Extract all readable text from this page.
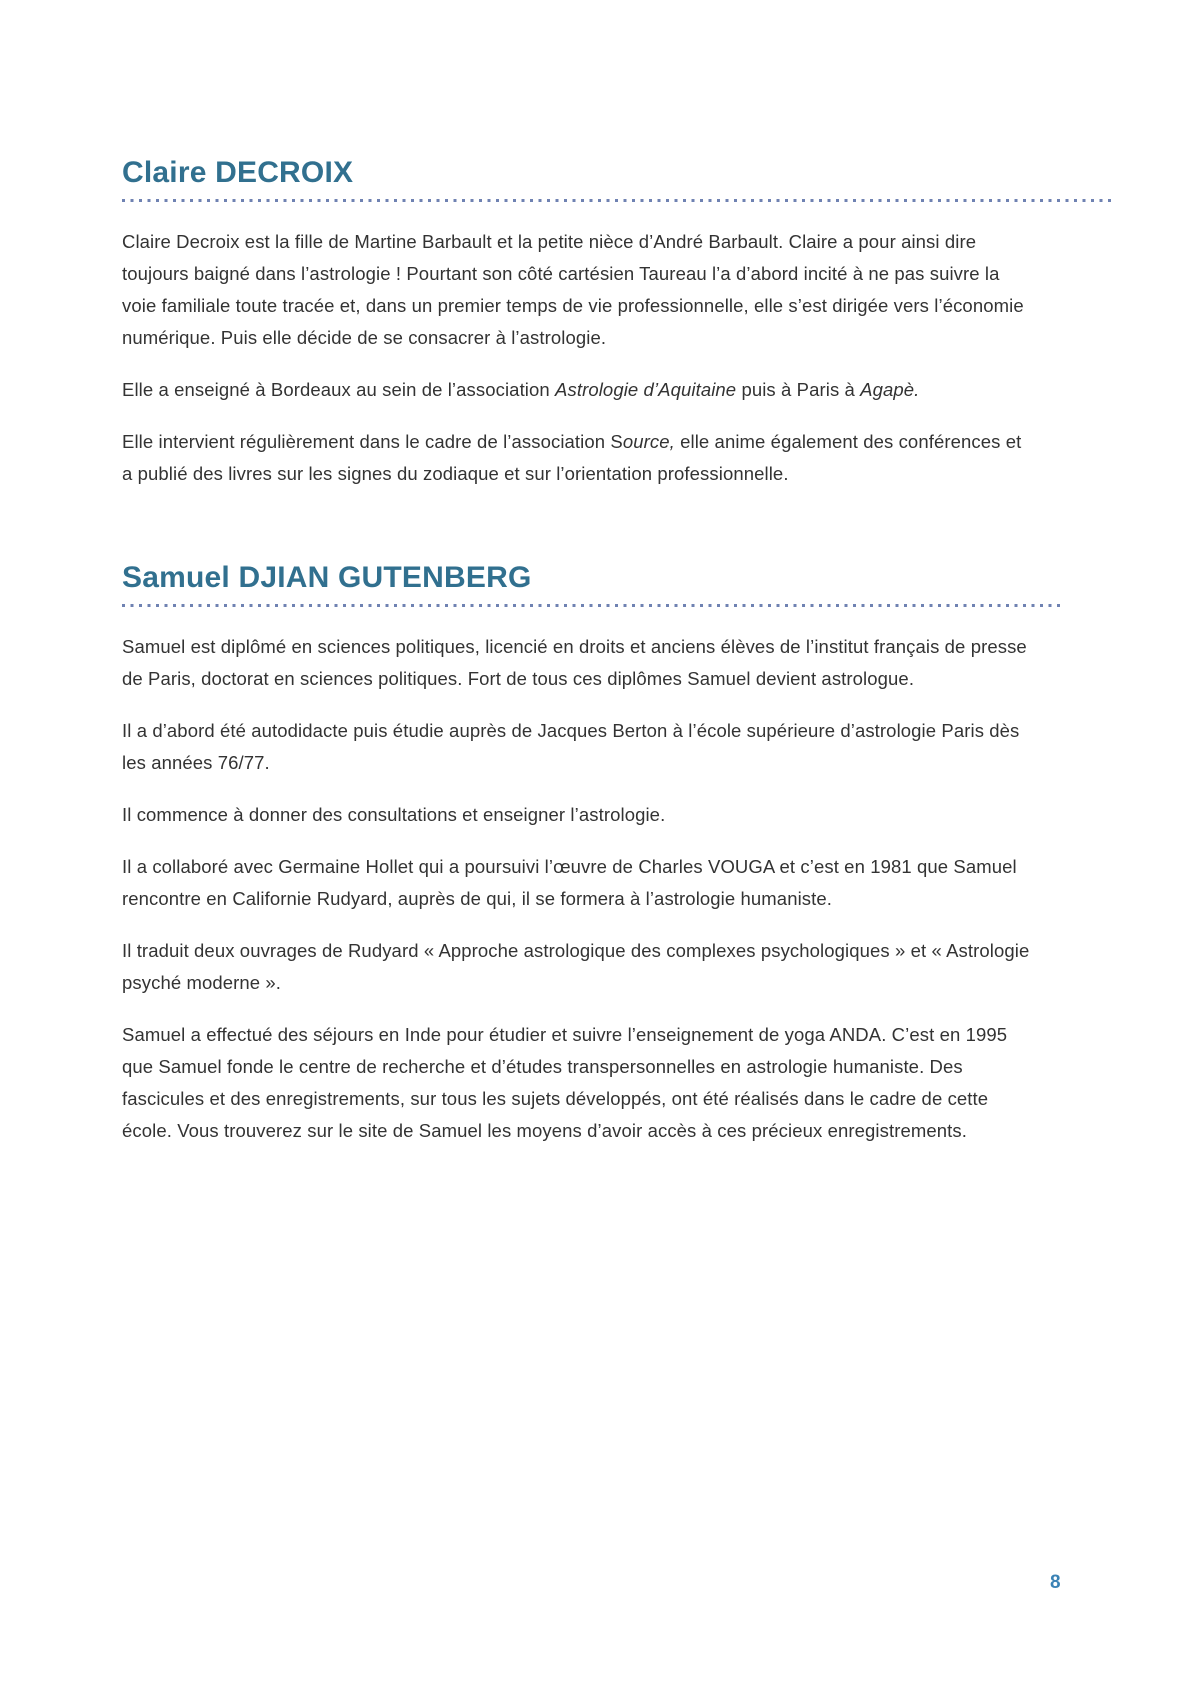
Claire DECROIX

Claire Decroix est la fille de Martine Barbault et la petite nièce d’André Barbault. Claire a pour ainsi dire toujours baigné dans l’astrologie ! Pourtant son côté cartésien Taureau l’a d’abord incité à ne pas suivre la voie familiale toute tracée et, dans un premier temps de vie professionnelle, elle s’est dirigée vers l’économie numérique. Puis elle décide de se consacrer à l’astrologie.

Elle a enseigné à Bordeaux au sein de l’association Astrologie d’Aquitaine puis à Paris à Agapè.

Elle intervient régulièrement dans le cadre de l’association Source, elle anime également des conférences et a publié des livres sur les signes du zodiaque et sur l’orientation professionnelle.

Samuel DJIAN GUTENBERG

Samuel est diplômé en sciences politiques, licencié en droits et anciens élèves de l’institut français de presse de Paris, doctorat en sciences politiques. Fort de tous ces diplômes Samuel devient astrologue.

Il a d’abord été autodidacte puis étudie auprès de Jacques Berton à l’école supérieure d’astrologie Paris dès les années 76/77.

Il commence à donner des consultations et enseigner l’astrologie.

Il a collaboré avec Germaine Hollet qui a poursuivi l’œuvre de Charles VOUGA et c’est en 1981 que Samuel rencontre en Californie Rudyard, auprès de qui, il se formera à l’astrologie humaniste.

Il traduit deux ouvrages de Rudyard « Approche astrologique des complexes psychologiques » et « Astrologie psyché moderne ».

Samuel a effectué des séjours en Inde pour étudier et suivre l’enseignement de yoga ANDA. C’est en 1995 que Samuel fonde le centre de recherche et d’études transpersonnelles en astrologie humaniste. Des fascicules et des enregistrements, sur tous les sujets développés, ont été réalisés dans le cadre de cette école. Vous trouverez sur le site de Samuel les moyens d’avoir accès à ces précieux enregistrements.

8
